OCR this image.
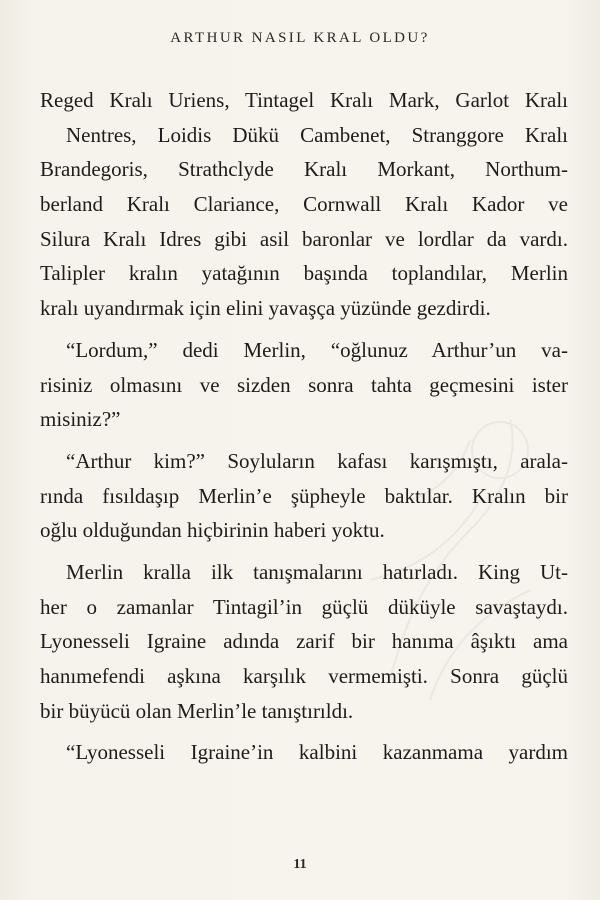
ARTHUR NASIL KRAL OLDU?
Reged Kralı Uriens, Tintagel Kralı Mark, Garlot Kralı
Nentres, Loidis Dükü Cambenet, Stranggore Kralı
Brandegoris, Strathclyde Kralı Morkant, Northum-
berland Kralı Clariance, Cornwall Kralı Kador ve
Silura Kralı Idres gibi asil baronlar ve lordlar da vardı.
Talipler kralın yatağının başında toplandılar, Merlin
kralı uyandırmak için elini yavaşça yüzünde gezdirdi.
“Lordum,” dedi Merlin, “oğlunuz Arthur’un va-
risiniz olmasını ve sizden sonra tahta geçmesini ister
misiniz?”
“Arthur kim?” Soyluların kafası karışmıştı, arala-
rında fısıldaşıp Merlin’e şüpheyle baktılar. Kralın bir
oğlu olduğundan hiçbirinin haberi yoktu.
Merlin kralla ilk tanışmalarını hatırladı. King Ut-
her o zamanlar Tintagil’in güçlü düküyle savaştaydı.
Lyonesseli Igraine adında zarif bir hanıma âşıktı ama
hanımefendi aşkına karşılık vermemişti. Sonra güçlü
bir büyücü olan Merlin’le tanıştırıldı.
“Lyonesseli Igraine’in kalbini kazanmama yardım
11
